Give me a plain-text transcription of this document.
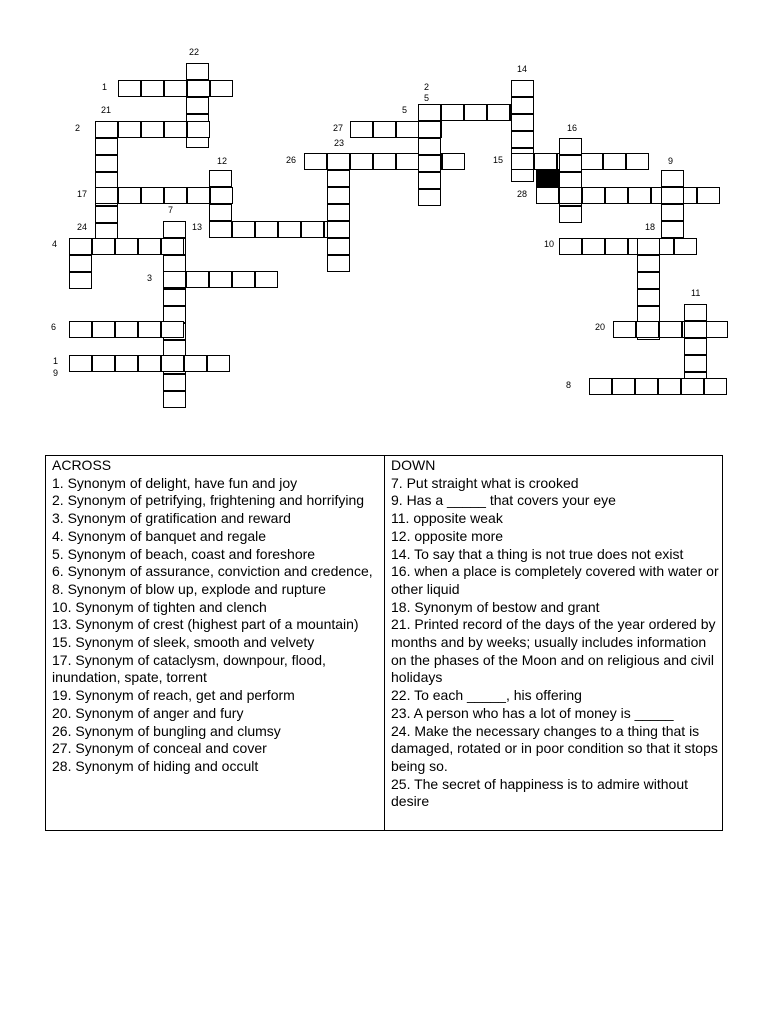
22
1
21
2
2
5
5
14
27
23
26
16
15	9
12
28
17
7
24	13	18
4	10
3
11
6	20
1
9
8
ACROSS
1. Synonym of delight, have fun and joy
2. Synonym of petrifying, frightening and horrifying
3. Synonym of gratification and reward
4. Synonym of banquet and regale
5. Synonym of beach, coast and foreshore
6. Synonym of assurance, conviction and credence,
8. Synonym of blow up, explode and rupture
10. Synonym of tighten and clench
13. Synonym of crest (highest part of a mountain)
15. Synonym of sleek, smooth and velvety
17. Synonym of cataclysm, downpour, flood, inundation, spate, torrent
19. Synonym of reach, get and perform
20. Synonym of anger and fury
26. Synonym of bungling and clumsy
27. Synonym of conceal and cover
28. Synonym of hiding and occult
DOWN
7. Put straight what is crooked
9. Has a _____ that covers your eye
11. opposite weak
12. opposite more
14. To say that a thing is not true does not exist
16. when a place is completely covered with water or other liquid
18. Synonym of bestow and grant
21. Printed record of the days of the year ordered by months and by weeks; usually includes information on the phases of the Moon and on religious and civil holidays
22. To each _____, his offering
23. A person who has a lot of money is _____
24. Make the necessary changes to a thing that is damaged, rotated or in poor condition so that it stops being so.
25. The secret of happiness is to admire without desire
